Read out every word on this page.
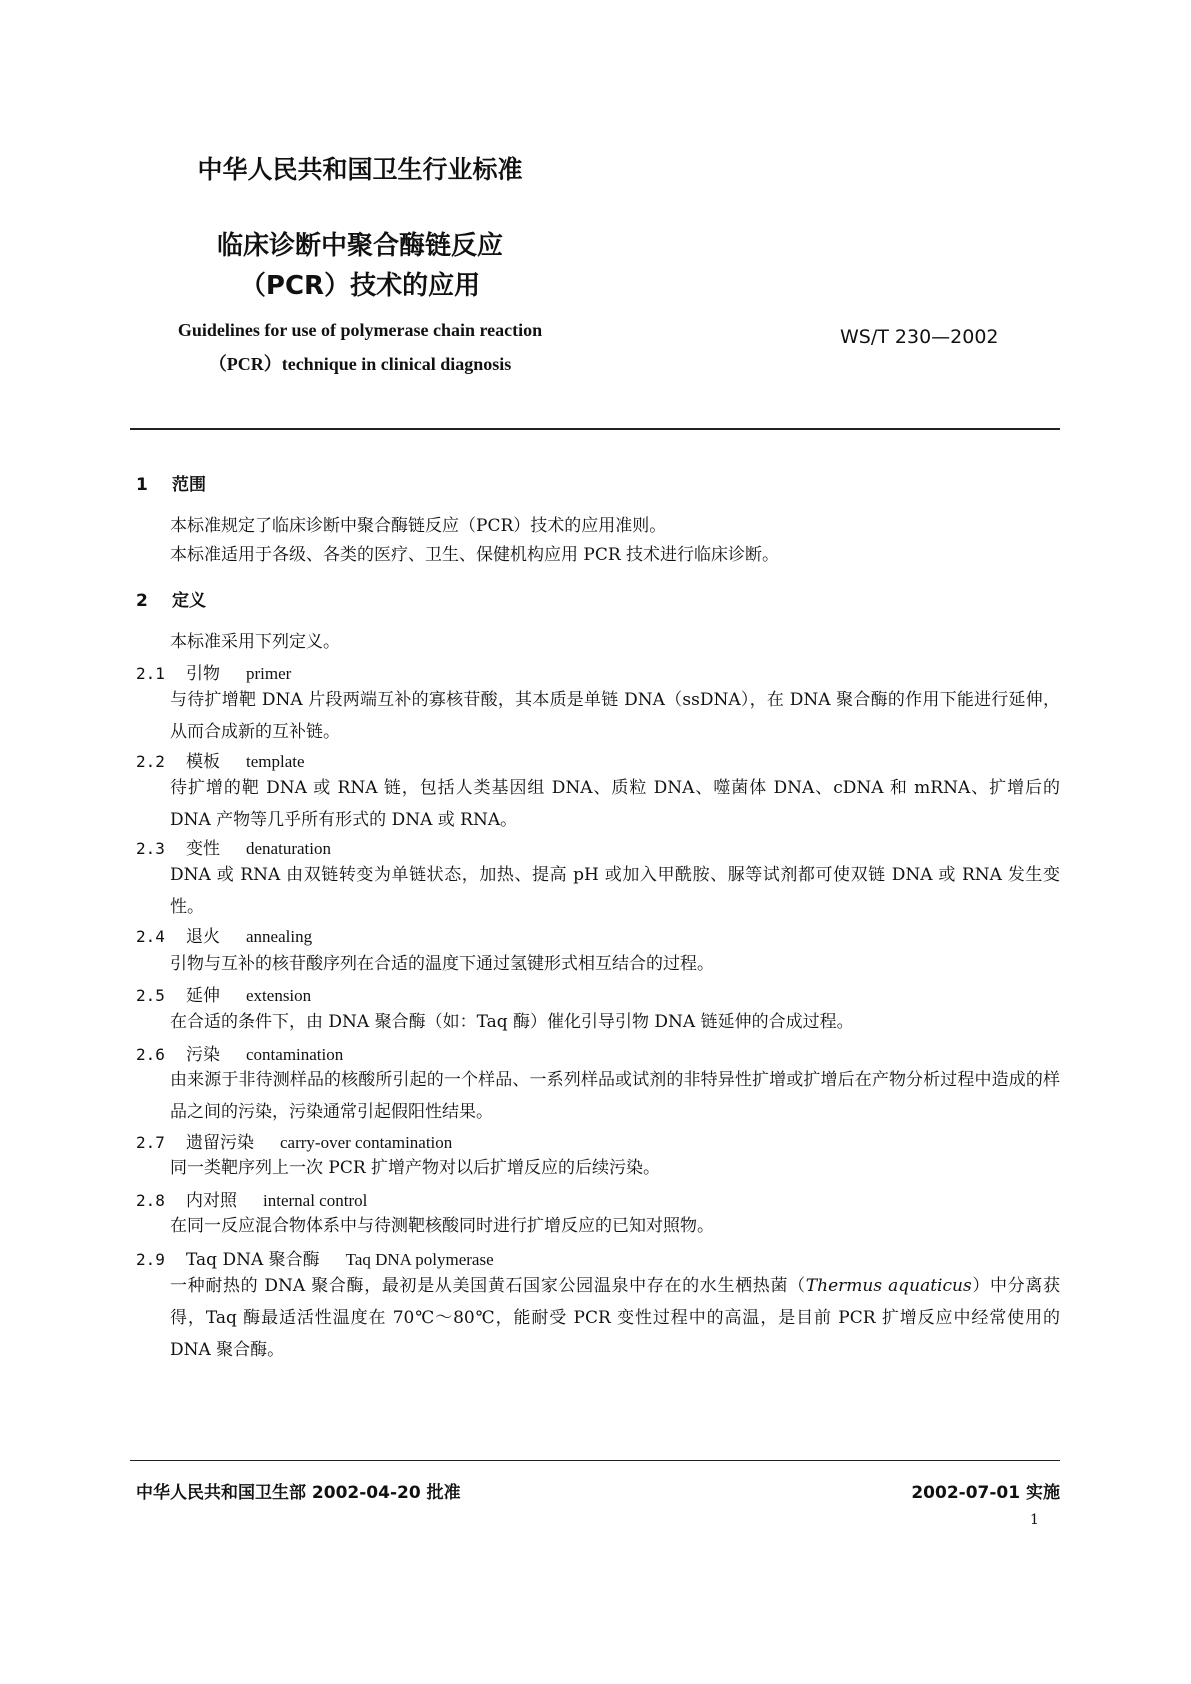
中华人民共和国卫生行业标准
临床诊断中聚合酶链反应
（PCR）技术的应用
WS/T 230—2002
Guidelines for use of polymerase chain reaction
（PCR）technique in clinical diagnosis
1 范围
本标准规定了临床诊断中聚合酶链反应（PCR）技术的应用准则。
本标准适用于各级、各类的医疗、卫生、保健机构应用 PCR 技术进行临床诊断。
2 定义
本标准采用下列定义。
2.1 引物 primer
与待扩增靶 DNA 片段两端互补的寡核苷酸，其本质是单链 DNA（ssDNA），在 DNA 聚合酶的作用下能进行延伸，从而合成新的互补链。
2.2 模板 template
待扩增的靶 DNA 或 RNA 链，包括人类基因组 DNA、质粒 DNA、噬菌体 DNA、cDNA 和 mRNA、扩增后的 DNA 产物等几乎所有形式的 DNA 或 RNA。
2.3 变性 denaturation
DNA 或 RNA 由双链转变为单链状态，加热、提高 pH 或加入甲酰胺、脲等试剂都可使双链 DNA 或 RNA 发生变性。
2.4 退火 annealing
引物与互补的核苷酸序列在合适的温度下通过氢键形式相互结合的过程。
2.5 延伸 extension
在合适的条件下，由 DNA 聚合酶（如：Taq 酶）催化引导引物 DNA 链延伸的合成过程。
2.6 污染 contamination
由来源于非待测样品的核酸所引起的一个样品、一系列样品或试剂的非特异性扩增或扩增后在产物分析过程中造成的样品之间的污染，污染通常引起假阳性结果。
2.7 遗留污染 carry-over contamination
同一类靶序列上一次 PCR 扩增产物对以后扩增反应的后续污染。
2.8 内对照 internal control
在同一反应混合物体系中与待测靶核酸同时进行扩增反应的已知对照物。
2.9 Taq DNA 聚合酶 Taq DNA polymerase
一种耐热的 DNA 聚合酶，最初是从美国黄石国家公园温泉中存在的水生栖热菌（Thermus aquaticus）中分离获得，Taq 酶最适活性温度在 70℃～80℃，能耐受 PCR 变性过程中的高温，是目前 PCR 扩增反应中经常使用的 DNA 聚合酶。
中华人民共和国卫生部 2002-04-20 批准	2002-07-01 实施
1
